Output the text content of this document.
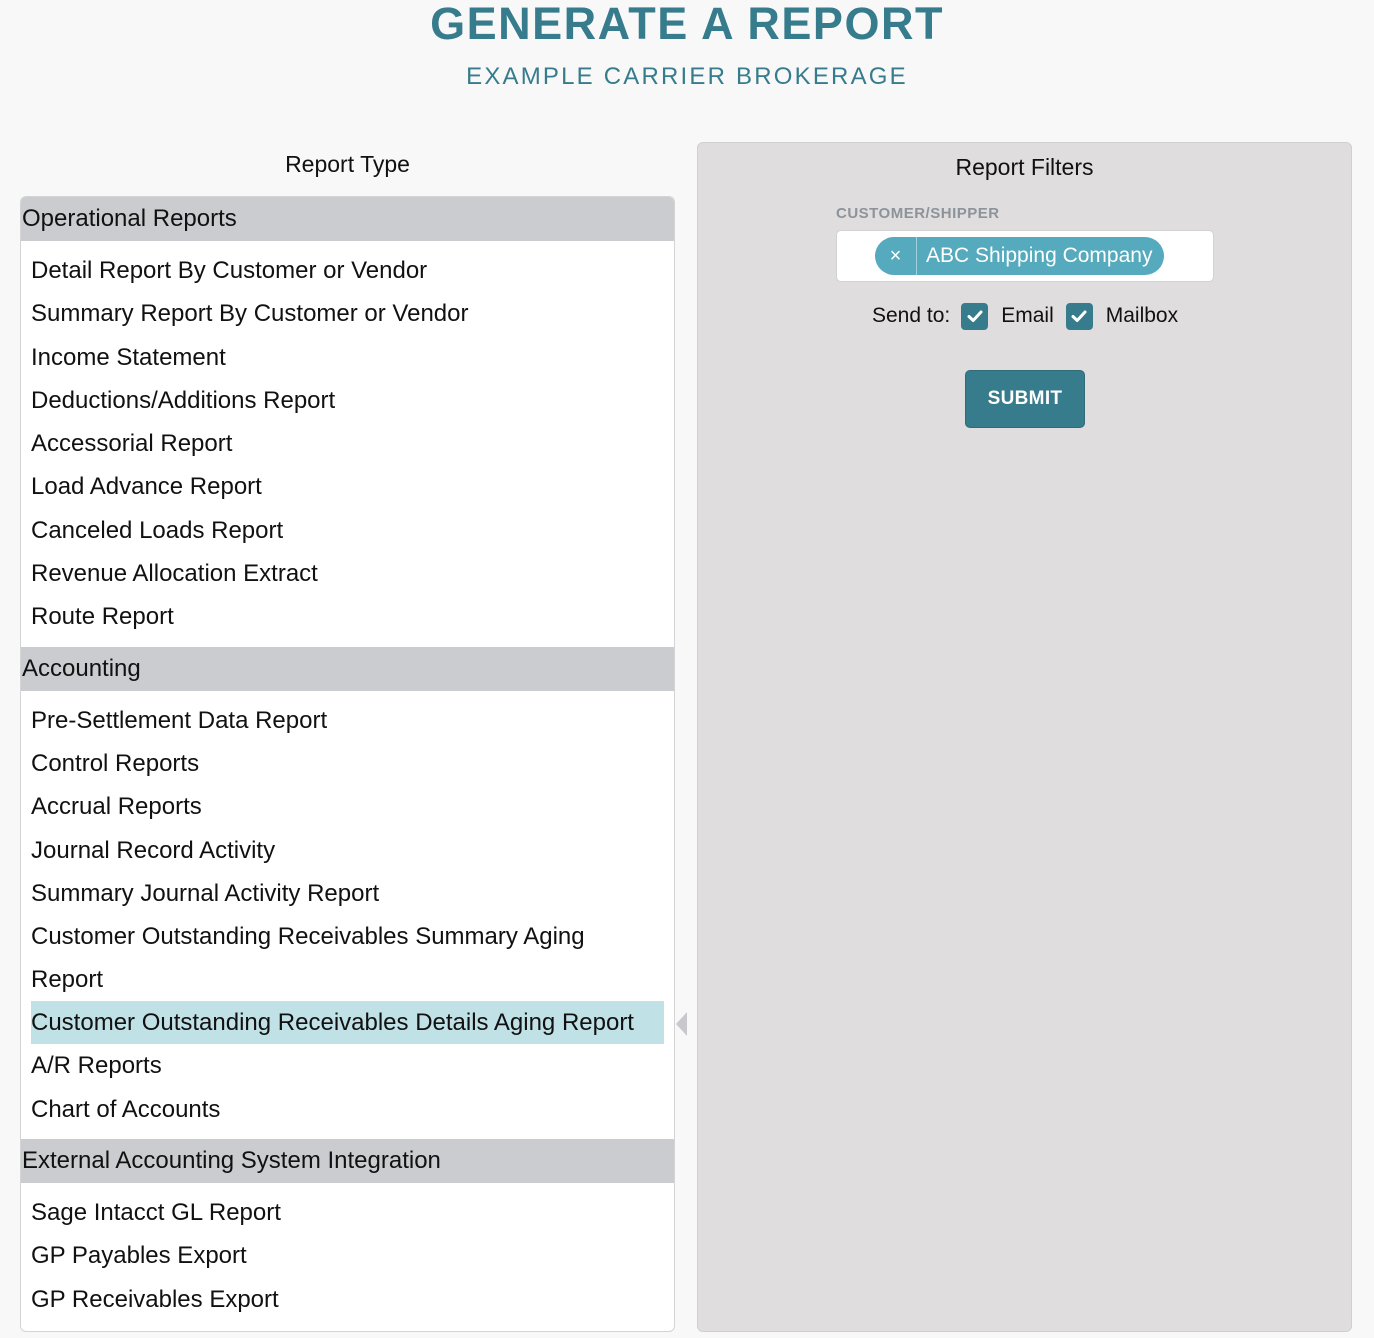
GENERATE A REPORT
EXAMPLE CARRIER BROKERAGE
Report Type
Operational Reports
Detail Report By Customer or Vendor
Summary Report By Customer or Vendor
Income Statement
Deductions/Additions Report
Accessorial Report
Load Advance Report
Canceled Loads Report
Revenue Allocation Extract
Route Report
Accounting
Pre-Settlement Data Report
Control Reports
Accrual Reports
Journal Record Activity
Summary Journal Activity Report
Customer Outstanding Receivables Summary Aging Report
Customer Outstanding Receivables Details Aging Report
A/R Reports
Chart of Accounts
External Accounting System Integration
Sage Intacct GL Report
GP Payables Export
GP Receivables Export
Report Filters
CUSTOMER/SHIPPER
×	ABC Shipping Company
Send to: Email Mailbox
SUBMIT
